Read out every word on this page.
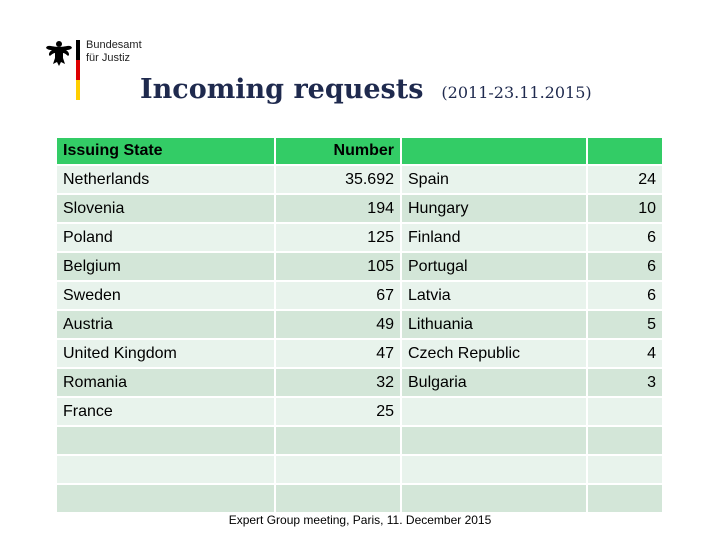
Bundesamt
für Justiz
Incoming requests (2011-23.11.2015)
Issuing State	Number		
Netherlands	35.692	Spain	24
Slovenia	194	Hungary	10
Poland	125	Finland	6
Belgium	105	Portugal	6
Sweden	67	Latvia	6
Austria	49	Lithuania	5
United Kingdom	47	Czech Republic	4
Romania	32	Bulgaria	3
France	25		

Expert Group meeting, Paris, 11. December 2015
